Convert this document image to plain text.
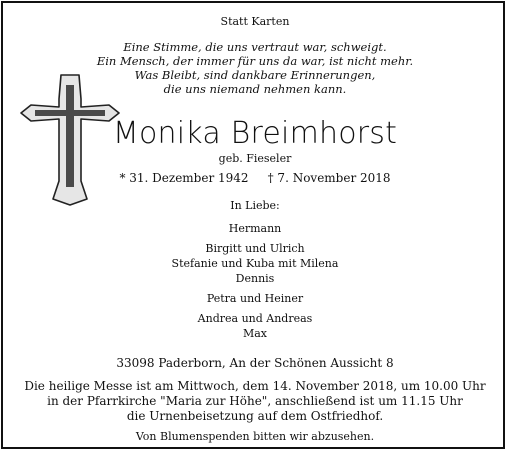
Statt Karten
Eine Stimme, die uns vertraut war, schweigt.
Ein Mensch, der immer für uns da war, ist nicht mehr.
Was Bleibt, sind dankbare Erinnerungen,
die uns niemand nehmen kann.
Monika Breimhorst
geb. Fieseler
* 31. Dezember 1942     † 7. November 2018
In Liebe:
Hermann
Birgitt und Ulrich
Stefanie und Kuba mit Milena
Dennis
Petra und Heiner
Andrea und Andreas
Max
33098 Paderborn, An der Schönen Aussicht 8
Die heilige Messe ist am Mittwoch, dem 14. November 2018, um 10.00 Uhr
in der Pfarrkirche "Maria zur Höhe", anschließend ist um 11.15 Uhr
die Urnenbeisetzung auf dem Ostfriedhof.
Von Blumenspenden bitten wir abzusehen.
